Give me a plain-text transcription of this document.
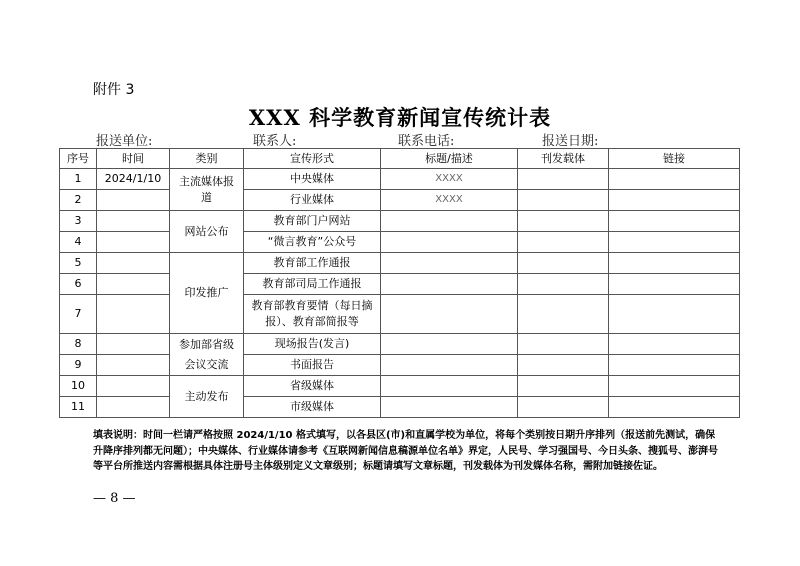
附件 3
XXX 科学教育新闻宣传统计表
报送单位:	联系人:	联系电话:	报送日期:
序号	时间	类别	宣传形式	标题/描述	刊发载体	链接
1	2024/1/10	主流媒体报道	中央媒体	XXXX		
2			行业媒体	XXXX		
3		网站公布	教育部门户网站			
4			“微言教育”公众号			
5		印发推广	教育部工作通报			
6			教育部司局工作通报			
7			教育部教育要情（每日摘报）、教育部简报等			
8		参加部省级会议交流	现场报告(发言)			
9			书面报告			
10		主动发布	省级媒体			
11			市级媒体			
填表说明：时间一栏请严格按照 2024/1/10 格式填写，以各县区(市)和直属学校为单位，将每个类别按日期升序排列（报送前先测试，确保升降序排列都无问题）；中央媒体、行业媒体请参考《互联网新闻信息稿源单位名单》界定，人民号、学习强国号、今日头条、搜狐号、澎湃号等平台所推送内容需根据具体注册号主体级别定义文章级别；标题请填写文章标题，刊发载体为刊发媒体名称，需附加链接佐证。
— 8 —
